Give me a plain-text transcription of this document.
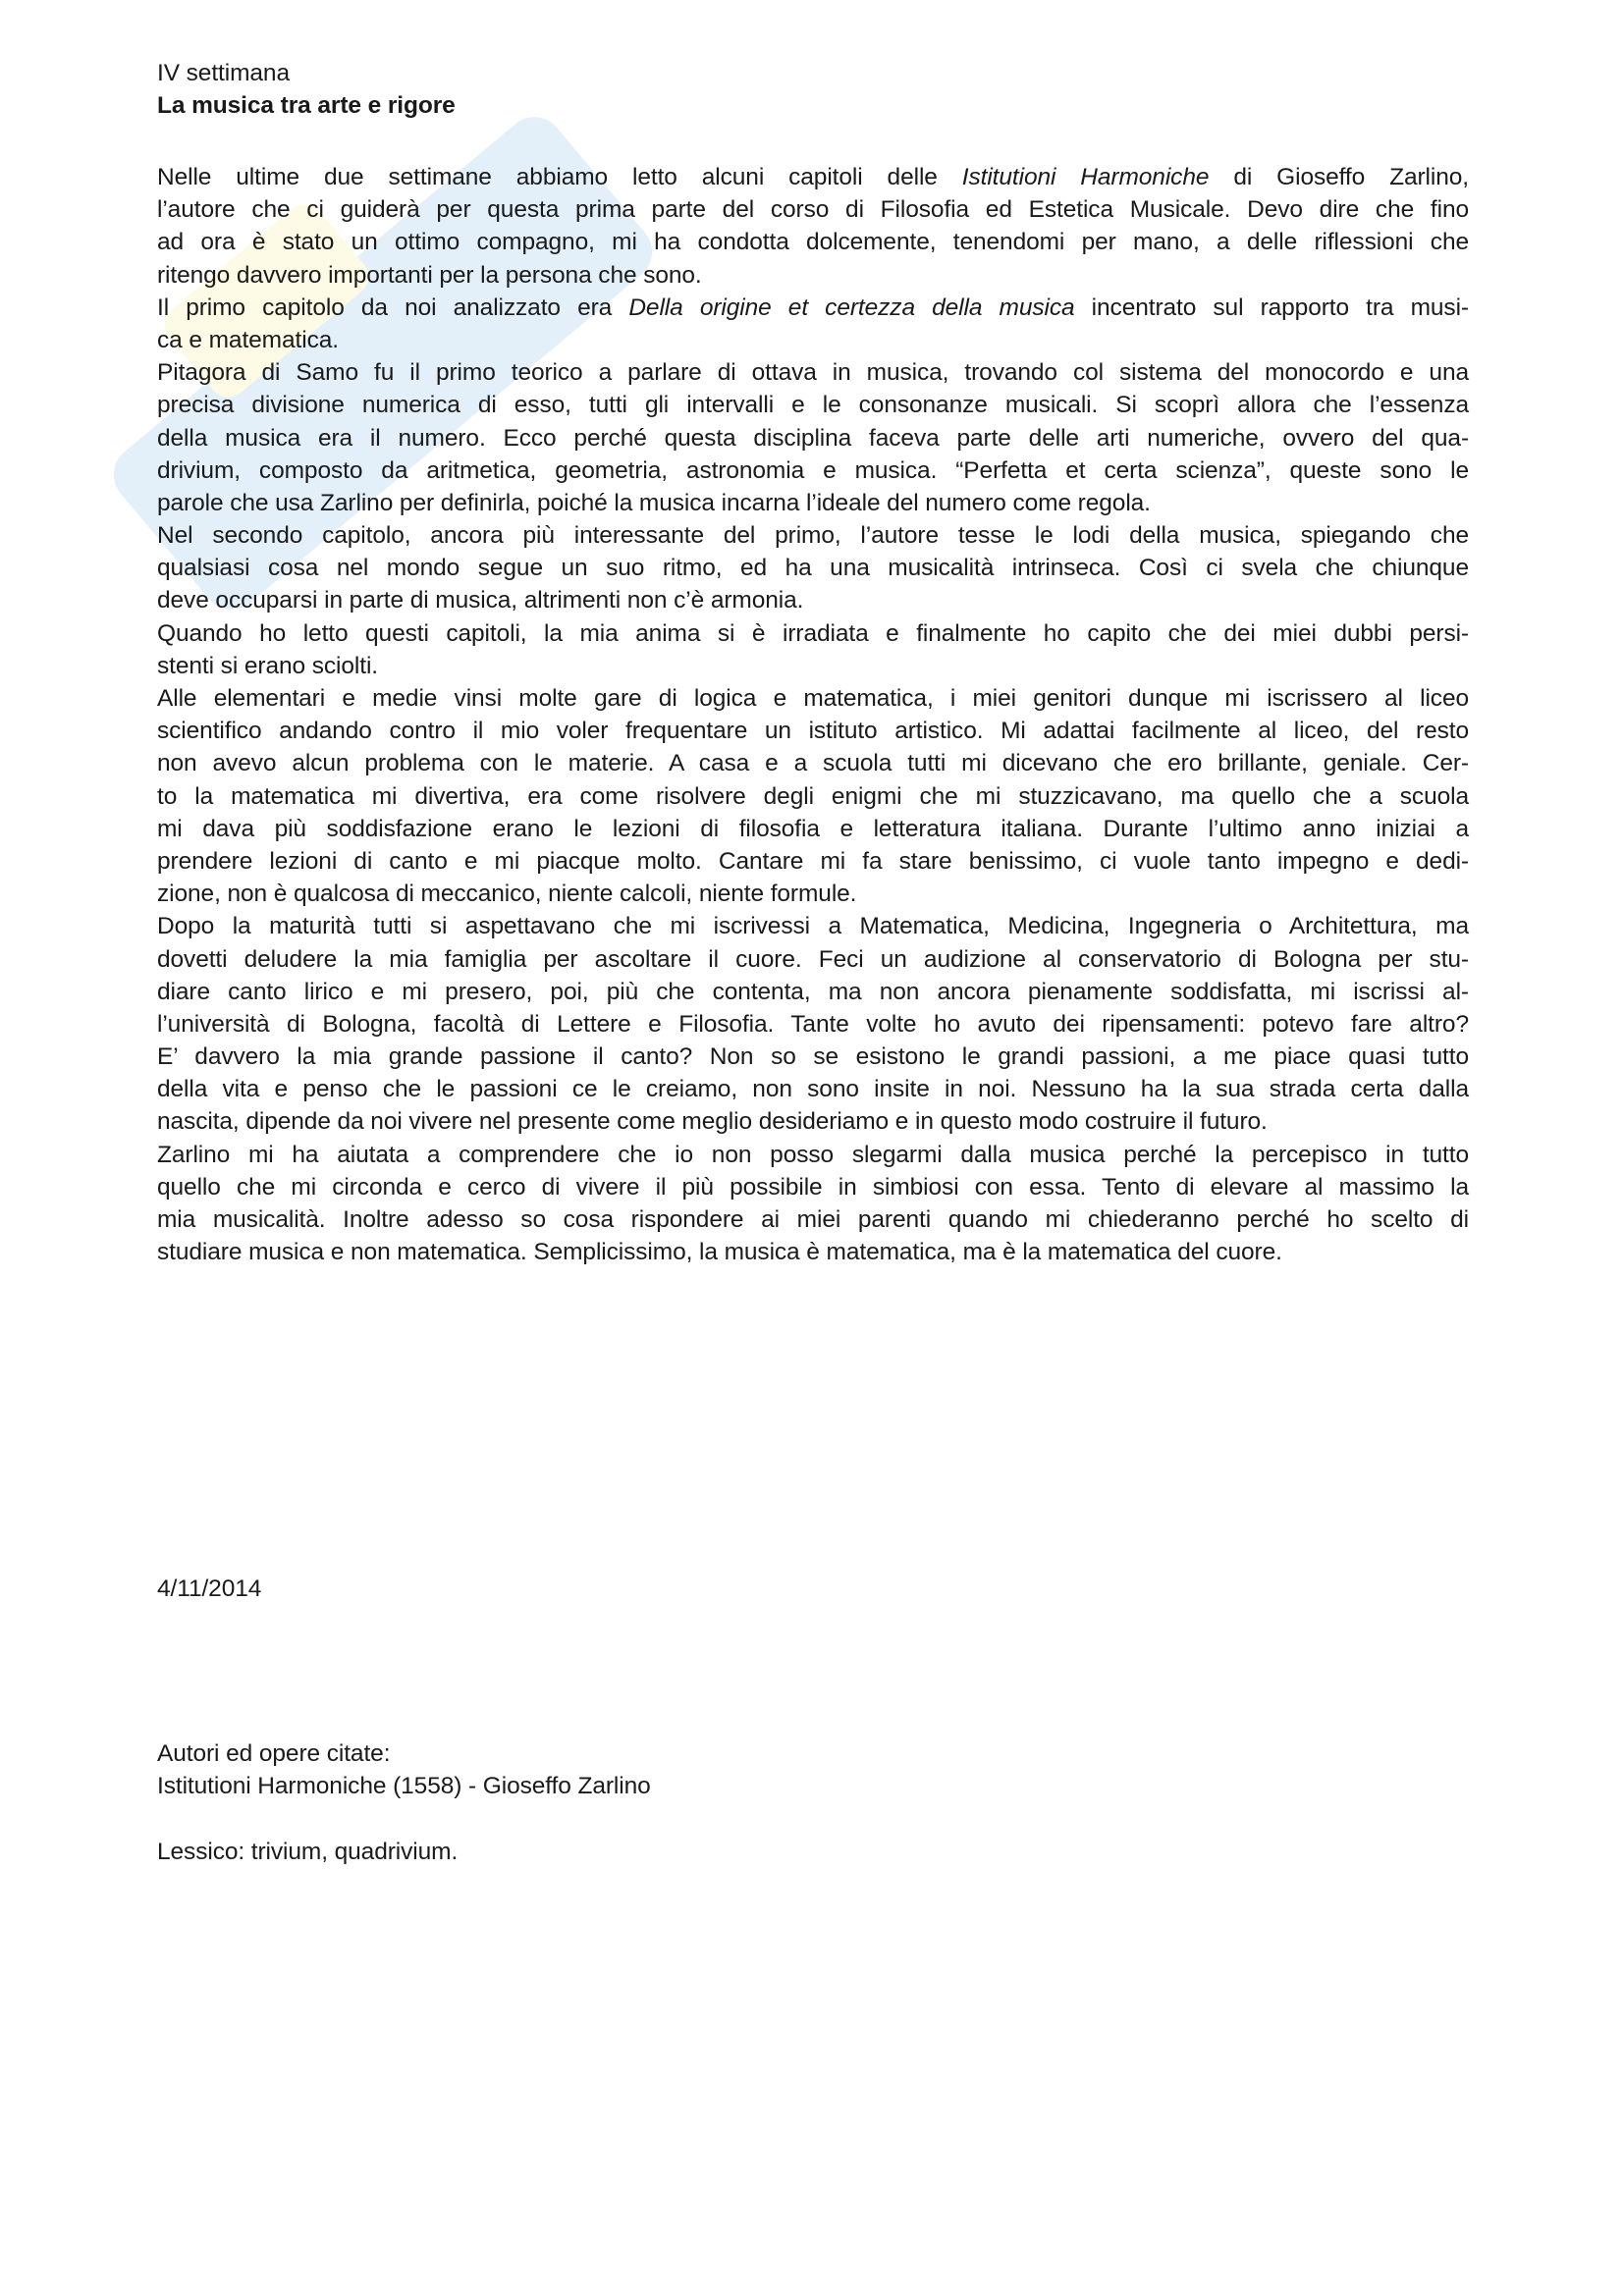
IV settimana
La musica tra arte e rigore
Nelle ultime due settimane abbiamo letto alcuni capitoli delle Istitutioni Harmoniche di Gioseffo Zarlino,
l’autore che ci guiderà per questa prima parte del corso di Filosofia ed Estetica Musicale. Devo dire che fino
ad ora è stato un ottimo compagno, mi ha condotta dolcemente, tenendomi per mano, a delle riflessioni che
ritengo davvero importanti per la persona che sono.
Il primo capitolo da noi analizzato era Della origine et certezza della musica incentrato sul rapporto tra musi-
ca e matematica.
Pitagora di Samo fu il primo teorico a parlare di ottava in musica, trovando col sistema del monocordo e una
precisa divisione numerica di esso, tutti gli intervalli e le consonanze musicali. Si scoprì allora che l’essenza
della musica era il numero. Ecco perché questa disciplina faceva parte delle arti numeriche, ovvero del qua-
drivium, composto da aritmetica, geometria, astronomia e musica. “Perfetta et certa scienza”, queste sono le
parole che usa Zarlino per definirla, poiché la musica incarna l’ideale del numero come regola.
Nel secondo capitolo, ancora più interessante del primo, l’autore tesse le lodi della musica, spiegando che
qualsiasi cosa nel mondo segue un suo ritmo, ed ha una musicalità intrinseca. Così ci svela che chiunque
deve occuparsi in parte di musica, altrimenti non c’è armonia.
Quando ho letto questi capitoli, la mia anima si è irradiata e finalmente ho capito che dei miei dubbi persi-
stenti si erano sciolti.
Alle elementari e medie vinsi molte gare di logica e matematica, i miei genitori dunque mi iscrissero al liceo
scientifico andando contro il mio voler frequentare un istituto artistico. Mi adattai facilmente al liceo, del resto
non avevo alcun problema con le materie. A casa e a scuola tutti mi dicevano che ero brillante, geniale. Cer-
to la matematica mi divertiva, era come risolvere degli enigmi che mi stuzzicavano, ma quello che a scuola
mi dava più soddisfazione erano le lezioni di filosofia e letteratura italiana. Durante l’ultimo anno iniziai a
prendere lezioni di canto e mi piacque molto. Cantare mi fa stare benissimo, ci vuole tanto impegno e dedi-
zione, non è qualcosa di meccanico, niente calcoli, niente formule.
Dopo la maturità tutti si aspettavano che mi iscrivessi a Matematica, Medicina, Ingegneria o Architettura, ma
dovetti deludere la mia famiglia per ascoltare il cuore. Feci un audizione al conservatorio di Bologna per stu-
diare canto lirico e mi presero, poi, più che contenta, ma non ancora pienamente soddisfatta, mi iscrissi al-
l’università di Bologna, facoltà di Lettere e Filosofia. Tante volte ho avuto dei ripensamenti: potevo fare altro?
E’ davvero la mia grande passione il canto? Non so se esistono le grandi passioni, a me piace quasi tutto
della vita e penso che le passioni ce le creiamo, non sono insite in noi. Nessuno ha la sua strada certa dalla
nascita, dipende da noi vivere nel presente come meglio desideriamo e in questo modo costruire il futuro.
Zarlino mi ha aiutata a comprendere che io non posso slegarmi dalla musica perché la percepisco in tutto
quello che mi circonda e cerco di vivere il più possibile in simbiosi con essa. Tento di elevare al massimo la
mia musicalità. Inoltre adesso so cosa rispondere ai miei parenti quando mi chiederanno perché ho scelto di
studiare musica e non matematica. Semplicissimo, la musica è matematica, ma è la matematica del cuore.
4/11/2014
Autori ed opere citate:
Istitutioni Harmoniche (1558) - Gioseffo Zarlino
Lessico: trivium, quadrivium.
